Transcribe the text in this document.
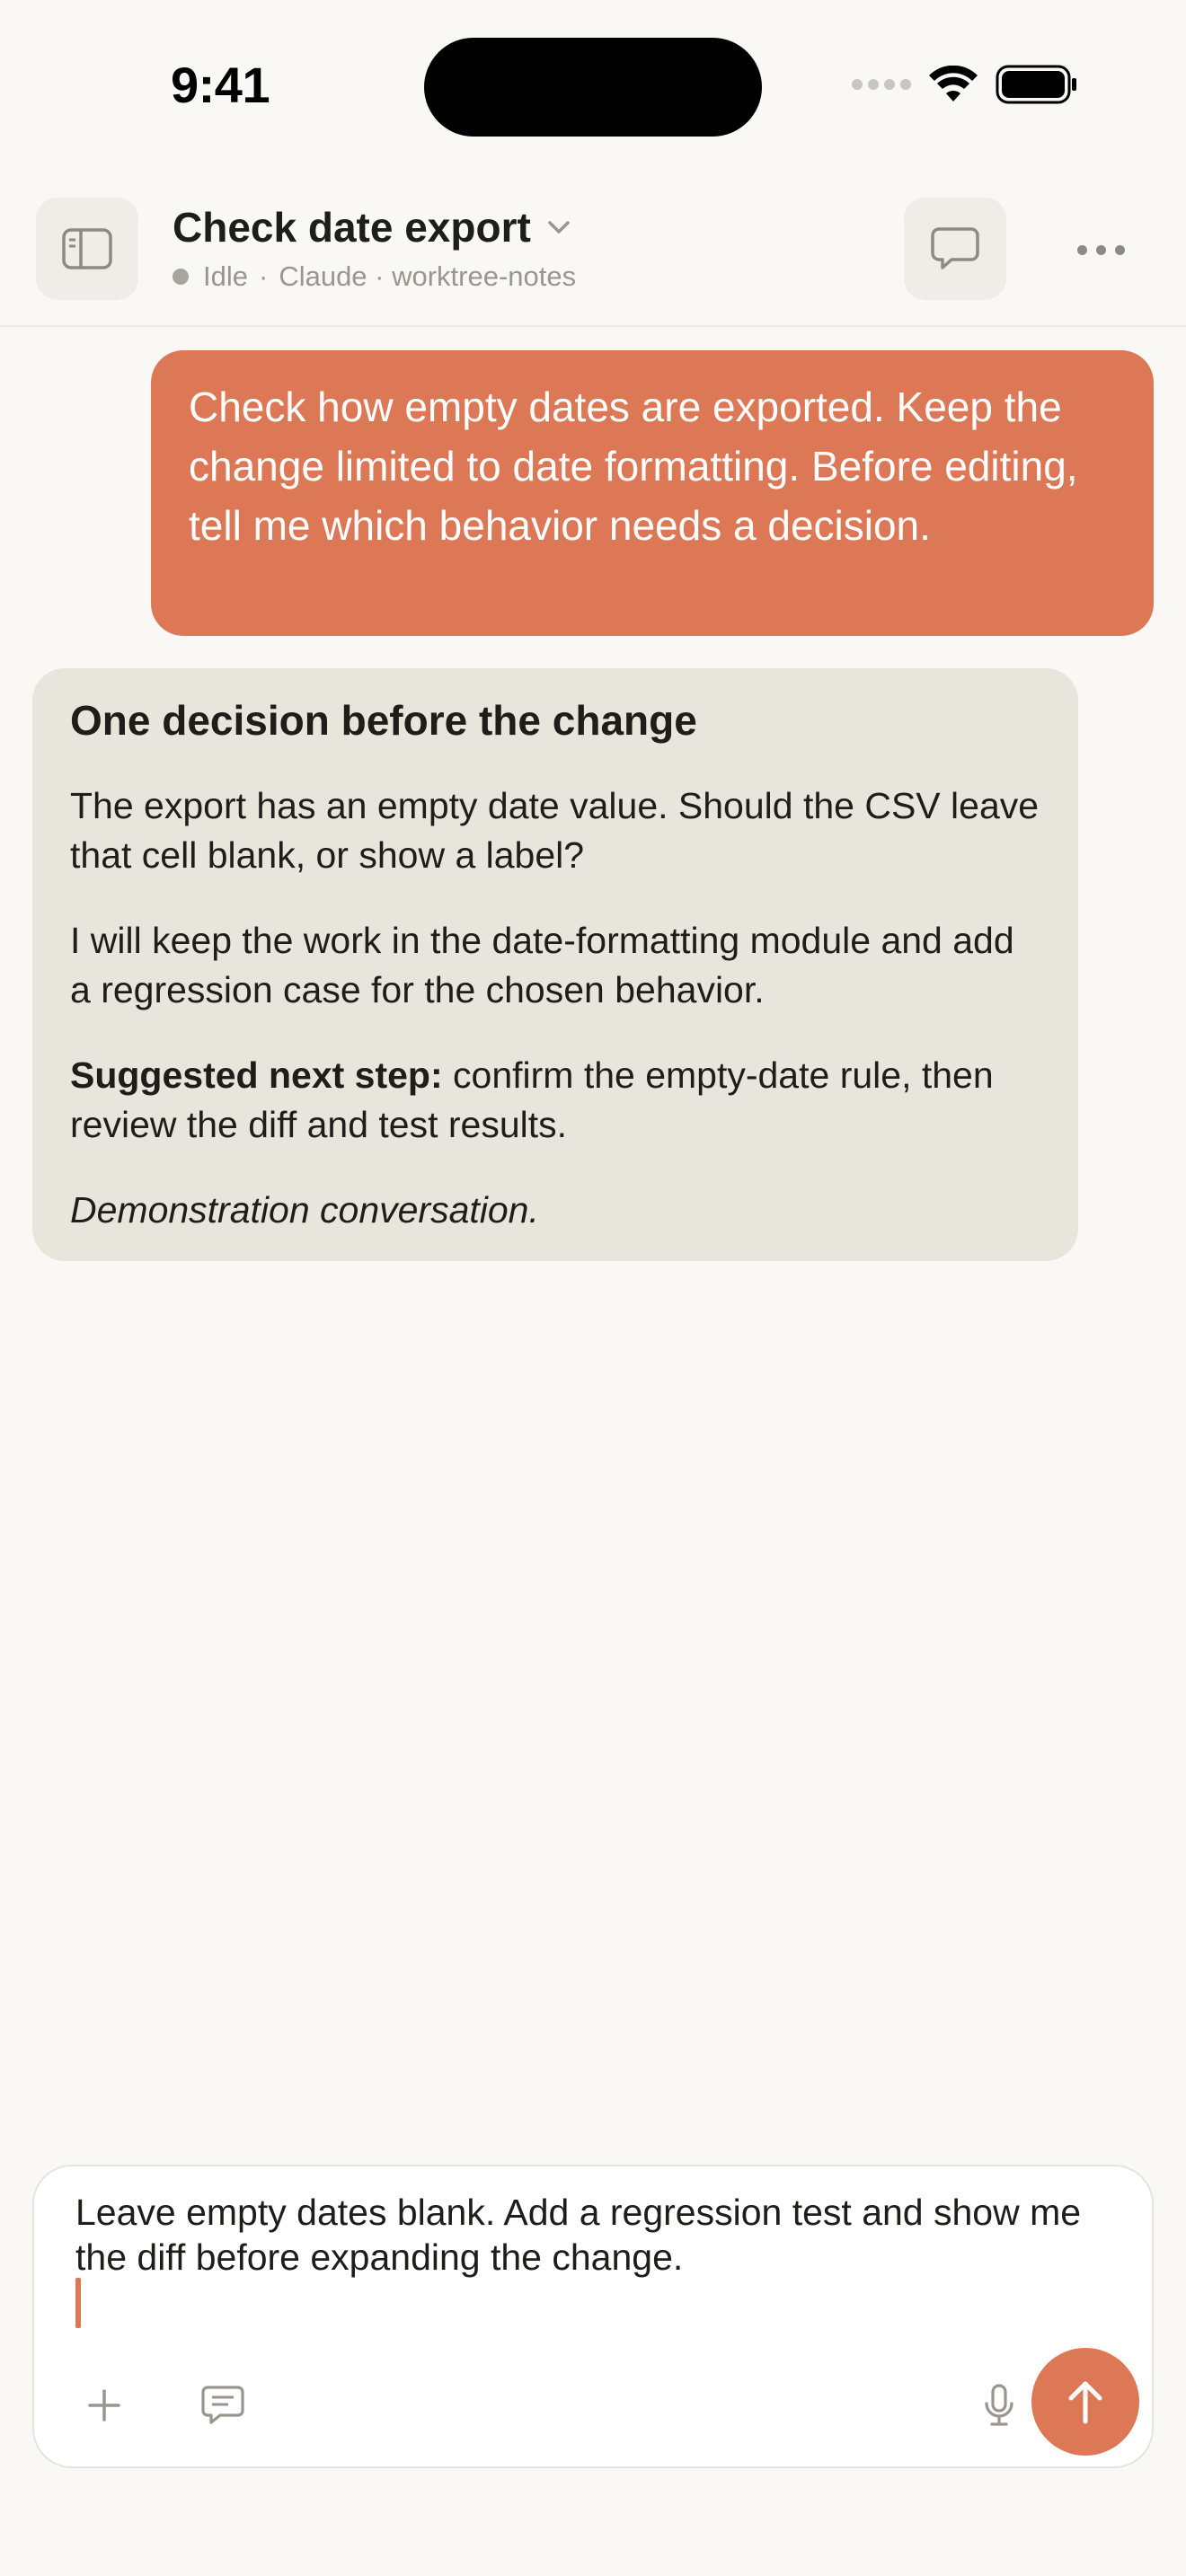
9:41
Check date export
Idle · Claude · worktree-notes
Check how empty dates are exported. Keep the change limited to date formatting. Before editing, tell me which behavior needs a decision.
One decision before the change

The export has an empty date value. Should the CSV leave that cell blank, or show a label?

I will keep the work in the date-formatting module and add a regression case for the chosen behavior.

Suggested next step: confirm the empty-date rule, then review the diff and test results.

Demonstration conversation.

Leave empty dates blank. Add a regression test and show me the diff before expanding the change.
